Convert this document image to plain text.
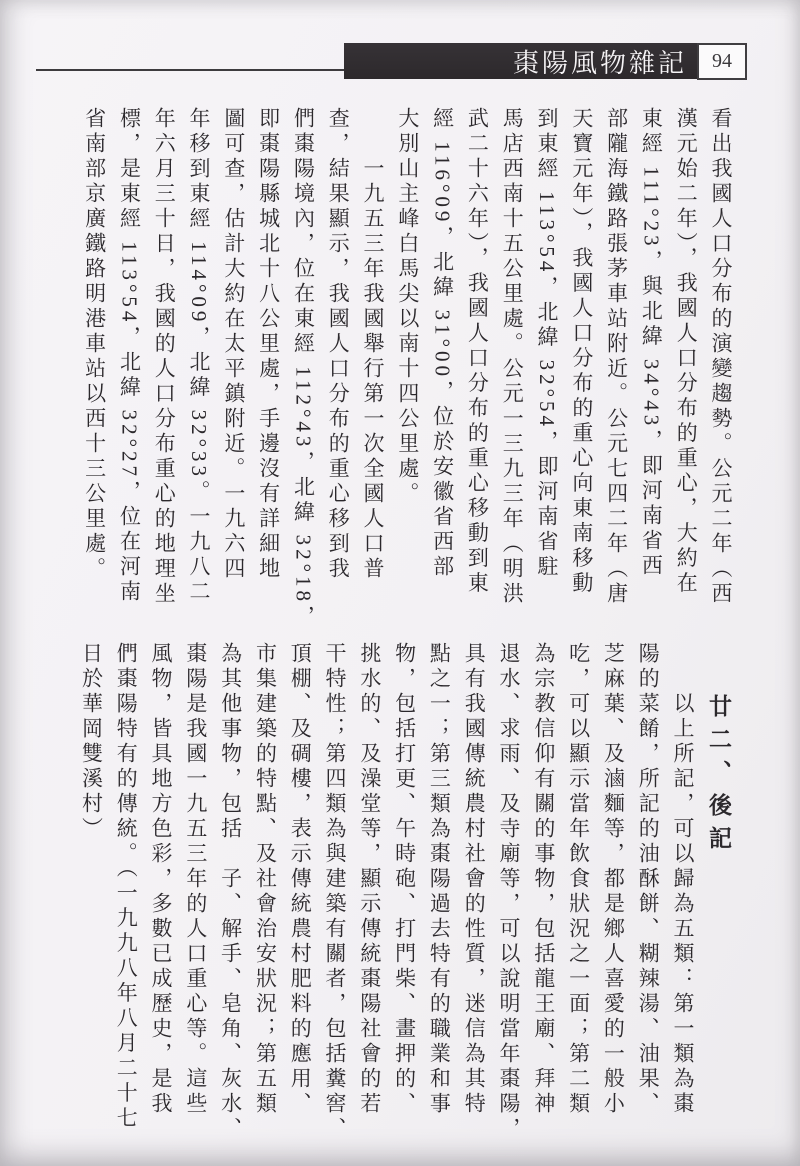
棗陽風物雜記 94
看出我國人口分布的演變趨勢。公元二年（西
漢元始二年），我國人口分布的重心，大約在
東經 111°23，與北緯 34°43，即河南省西
部隴海鐵路張茅車站附近。公元七四二年（唐
天寶元年），我國人口分布的重心向東南移動
到東經 113°54，北緯 32°54，即河南省駐
馬店西南十五公里處。公元一三九三年（明洪
武二十六年），我國人口分布的重心移動到東
經 116°09，北緯 31°00，位於安徽省西部
大別山主峰白馬尖以南十四公里處。
　　一九五三年我國舉行第一次全國人口普
查，結果顯示，我國人口分布的重心移到我
們棗陽境內，位在東經 112°43，北緯 32°18，
即棗陽縣城北十八公里處，手邊沒有詳細地
圖可查，估計大約在太平鎮附近。一九六四
年移到東經 114°09，北緯 32°33。一九八二
年六月三十日，我國的人口分布重心的地理坐
標，是東經 113°54，北緯 32°27，位在河南
省南部京廣鐵路明港車站以西十三公里處。
廿二、後記
　　以上所記，可以歸為五類：第一類為棗
陽的菜餚，所記的油酥餅、糊辣湯、油果、
芝麻葉、及滷麵等，都是鄉人喜愛的一般小
吃，可以顯示當年飲食狀況之一面；第二類
為宗教信仰有關的事物，包括龍王廟、拜神
退水、求雨、及寺廟等，可以說明當年棗陽，
具有我國傳統農村社會的性質，迷信為其特
點之一；第三類為棗陽過去特有的職業和事
物，包括打更、午時砲、打門柴、畫押的、
挑水的、及澡堂等，顯示傳統棗陽社會的若
干特性；第四類為與建築有關者，包括糞窖、
頂棚、及碉樓，表示傳統農村肥料的應用、
市集建築的特點、及社會治安狀況；第五類
為其他事物，包括　子、解手、皂角、灰水、
棗陽是我國一九五三年的人口重心等。這些
風物，皆具地方色彩，多數已成歷史，是我
們棗陽特有的傳統。（一九九八年八月二十七
日於華岡雙溪村）
